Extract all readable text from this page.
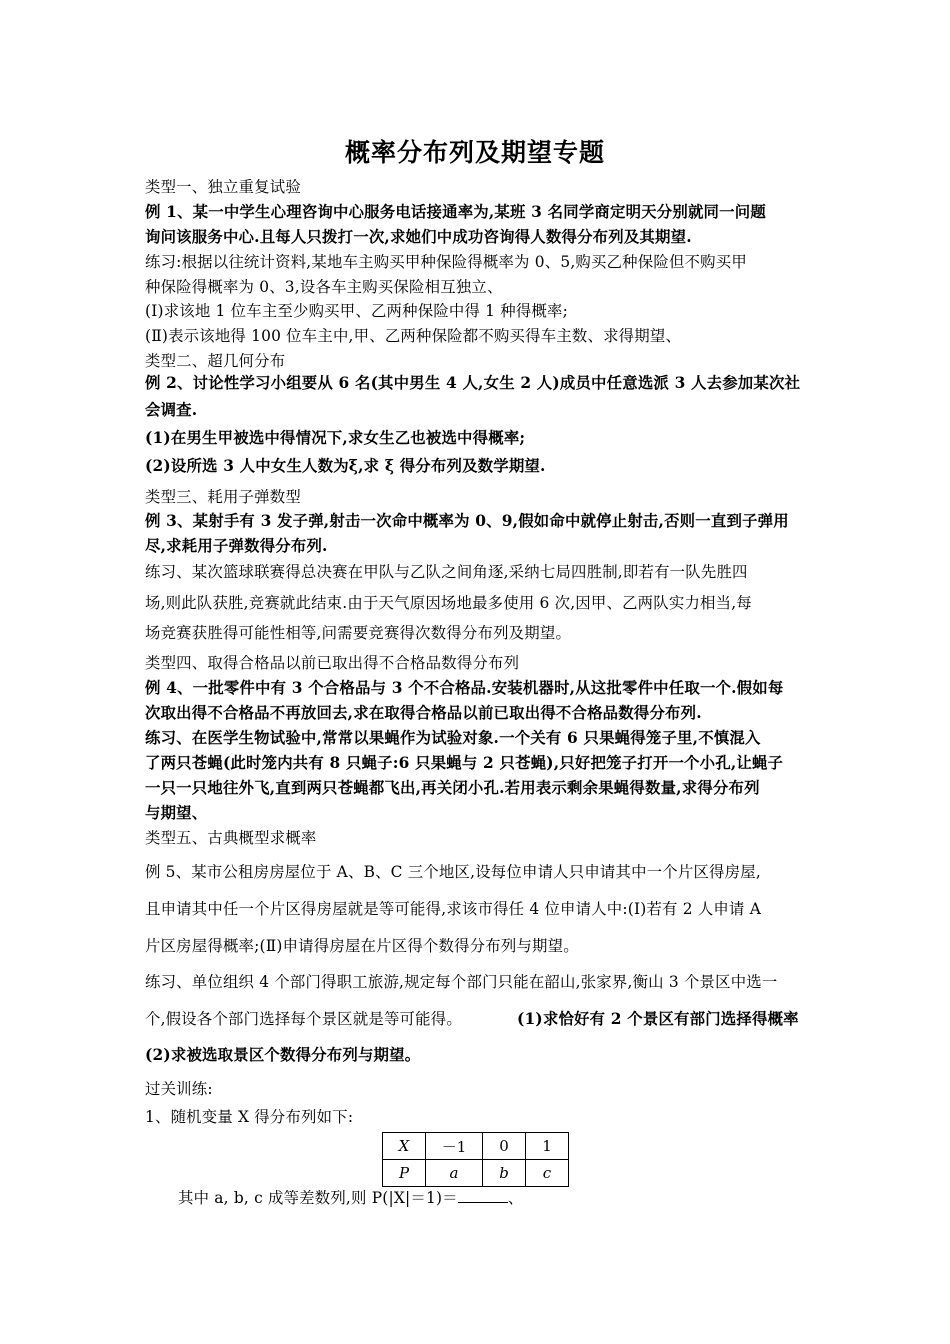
概率分布列及期望专题
类型一、独立重复试验
例 1、某一中学生心理咨询中心服务电话接通率为,某班 3 名同学商定明天分别就同一问题
询问该服务中心.且每人只拨打一次,求她们中成功咨询得人数得分布列及其期望.
练习:根据以往统计资料,某地车主购买甲种保险得概率为 0、5,购买乙种保险但不购买甲
种保险得概率为 0、3,设各车主购买保险相互独立、
(Ⅰ)求该地 1 位车主至少购买甲、乙两种保险中得 1 种得概率;
(Ⅱ)表示该地得 100 位车主中,甲、乙两种保险都不购买得车主数、求得期望、
类型二、超几何分布
例 2、讨论性学习小组要从 6 名(其中男生 4 人,女生 2 人)成员中任意选派 3 人去参加某次社
会调查.
(1)在男生甲被选中得情况下,求女生乙也被选中得概率;
(2)设所选 3 人中女生人数为ξ,求 ξ 得分布列及数学期望.
类型三、耗用子弹数型
例 3、某射手有 3 发子弹,射击一次命中概率为 0、9,假如命中就停止射击,否则一直到子弹用
尽,求耗用子弹数得分布列.
练习、某次篮球联赛得总决赛在甲队与乙队之间角逐,采纳七局四胜制,即若有一队先胜四
场,则此队获胜,竞赛就此结束.由于天气原因场地最多使用 6 次,因甲、乙两队实力相当,每
场竞赛获胜得可能性相等,问需要竞赛得次数得分布列及期望。
类型四、取得合格品以前已取出得不合格品数得分布列
例 4、一批零件中有 3 个合格品与 3 个不合格品.安装机器时,从这批零件中任取一个.假如每
次取出得不合格品不再放回去,求在取得合格品以前已取出得不合格品数得分布列.
练习、在医学生物试验中,常常以果蝇作为试验对象.一个关有 6 只果蝇得笼子里,不慎混入
了两只苍蝇(此时笼内共有 8 只蝇子:6 只果蝇与 2 只苍蝇),只好把笼子打开一个小孔,让蝇子
一只一只地往外飞,直到两只苍蝇都飞出,再关闭小孔.若用表示剩余果蝇得数量,求得分布列
与期望、
类型五、古典概型求概率
例 5、某市公租房房屋位于 A、B、C 三个地区,设每位申请人只申请其中一个片区得房屋,
且申请其中任一个片区得房屋就是等可能得,求该市得任 4 位申请人中:(Ⅰ)若有 2 人申请 A
片区房屋得概率;(Ⅱ)申请得房屋在片区得个数得分布列与期望。
练习、单位组织 4 个部门得职工旅游,规定每个部门只能在韶山,张家界,衡山 3 个景区中选一
个,假设各个部门选择每个景区就是等可能得。	(1)求恰好有 2 个景区有部门选择得概率
(2)求被选取景区个数得分布列与期望。
过关训练:
1、随机变量 X 得分布列如下:
X	－1	0	1
P	a	b	c
其中 a, b, c 成等差数列,则 P(|X|＝1)＝	、
